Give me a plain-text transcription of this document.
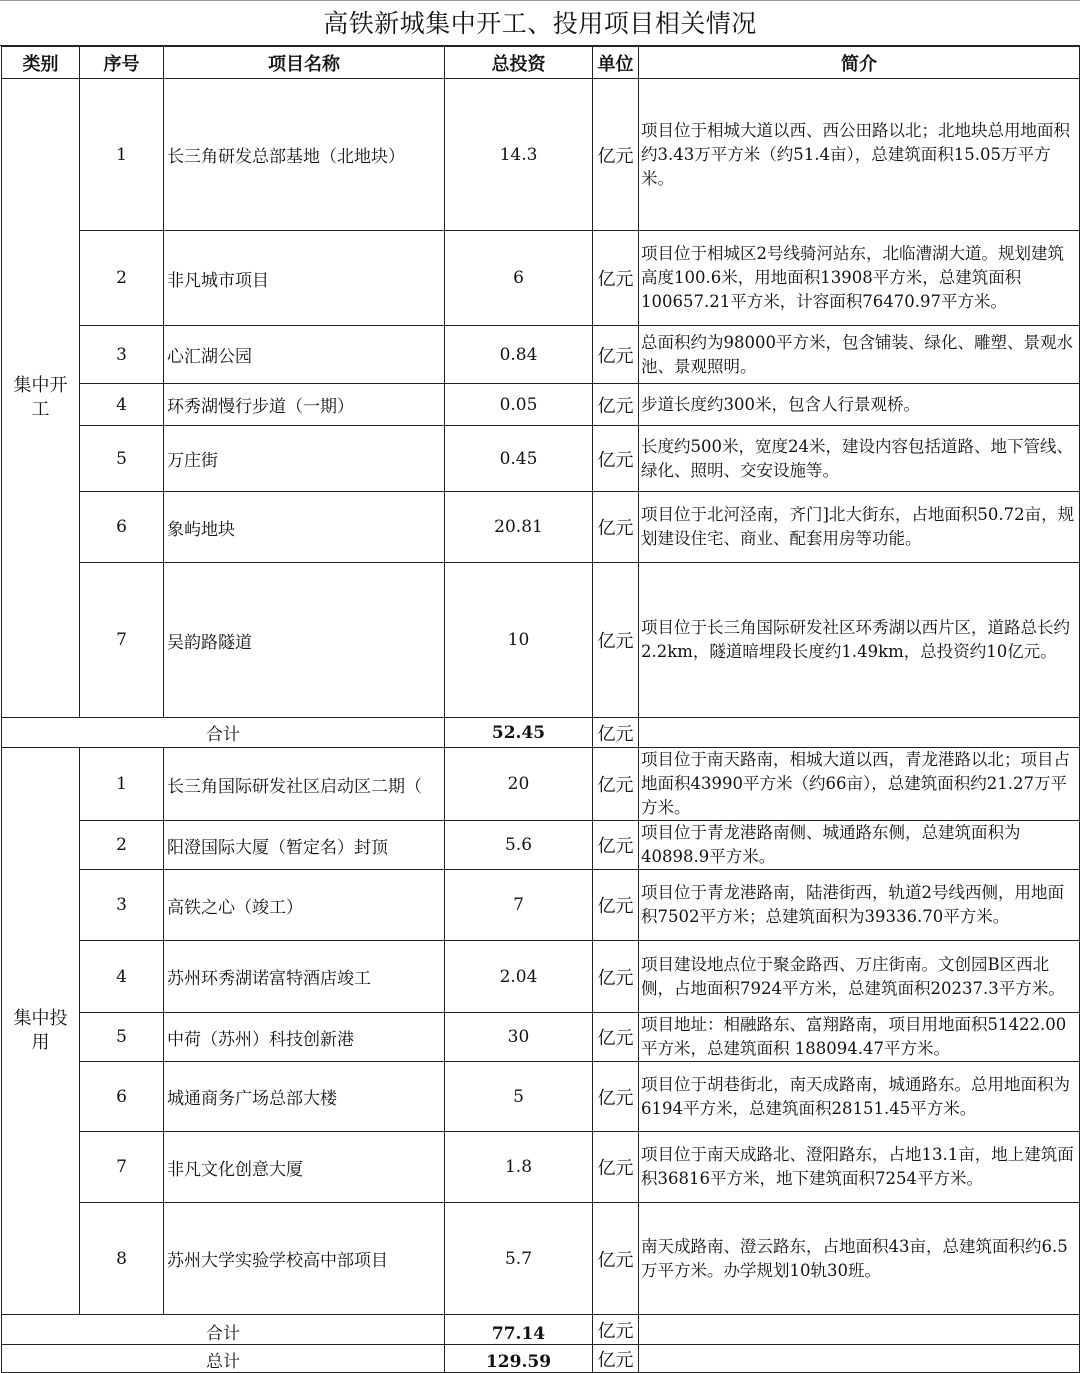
高铁新城集中开工、投用项目相关情况
类别	序号	项目名称	总投资	单位	简介
集中开工	1	长三角研发总部基地（北地块）	14.3	亿元	项目位于相城大道以西、西公田路以北；北地块总用地面积约3.43万平方米（约51.4亩），总建筑面积15.05万平方米。
	2	非凡城市项目	6	亿元	项目位于相城区2号线骑河站东，北临漕湖大道。规划建筑高度100.6米，用地面积13908平方米，总建筑面积100657.21平方米，计容面积76470.97平方米。
	3	心汇湖公园	0.84	亿元	总面积约为98000平方米，包含铺装、绿化、雕塑、景观水池、景观照明。
	4	环秀湖慢行步道（一期）	0.05	亿元	步道长度约300米，包含人行景观桥。
	5	万庄街	0.45	亿元	长度约500米，宽度24米，建设内容包括道路、地下管线、绿化、照明、交安设施等。
	6	象屿地块	20.81	亿元	项目位于北河泾南，齐门]北大街东，占地面积50.72亩，规划建设住宅、商业、配套用房等功能。
	7	吴韵路隧道	10	亿元	项目位于长三角国际研发社区环秀湖以西片区，道路总长约2.2km，隧道暗埋段长度约1.49km，总投资约10亿元。
合计			52.45	亿元	
集中投用	1	长三角国际研发社区启动区二期（	20	亿元	项目位于南天路南，相城大道以西，青龙港路以北；项目占地面积43990平方米（约66亩），总建筑面积约21.27万平方米。
	2	阳澄国际大厦（暂定名）封顶	5.6	亿元	项目位于青龙港路南侧、城通路东侧，总建筑面积为40898.9平方米。
	3	高铁之心（竣工）	7	亿元	项目位于青龙港路南，陆港街西，轨道2号线西侧，用地面积7502平方米；总建筑面积为39336.70平方米。
	4	苏州环秀湖诺富特酒店竣工	2.04	亿元	项目建设地点位于聚金路西、万庄街南。文创园B区西北侧，占地面积7924平方米，总建筑面积20237.3平方米。
	5	中荷（苏州）科技创新港	30	亿元	项目地址：相融路东、富翔路南，项目用地面积51422.00平方米，总建筑面积 188094.47平方米。
	6	城通商务广场总部大楼	5	亿元	项目位于胡巷街北，南天成路南，城通路东。总用地面积为6194平方米，总建筑面积28151.45平方米。
	7	非凡文化创意大厦	1.8	亿元	项目位于南天成路北、澄阳路东，占地13.1亩，地上建筑面积36816平方米，地下建筑面积7254平方米。
	8	苏州大学实验学校高中部项目	5.7	亿元	南天成路南、澄云路东，占地面积43亩，总建筑面积约6.5万平方米。办学规划10轨30班。
合计			77.14	亿元	
总计			129.59	亿元	
